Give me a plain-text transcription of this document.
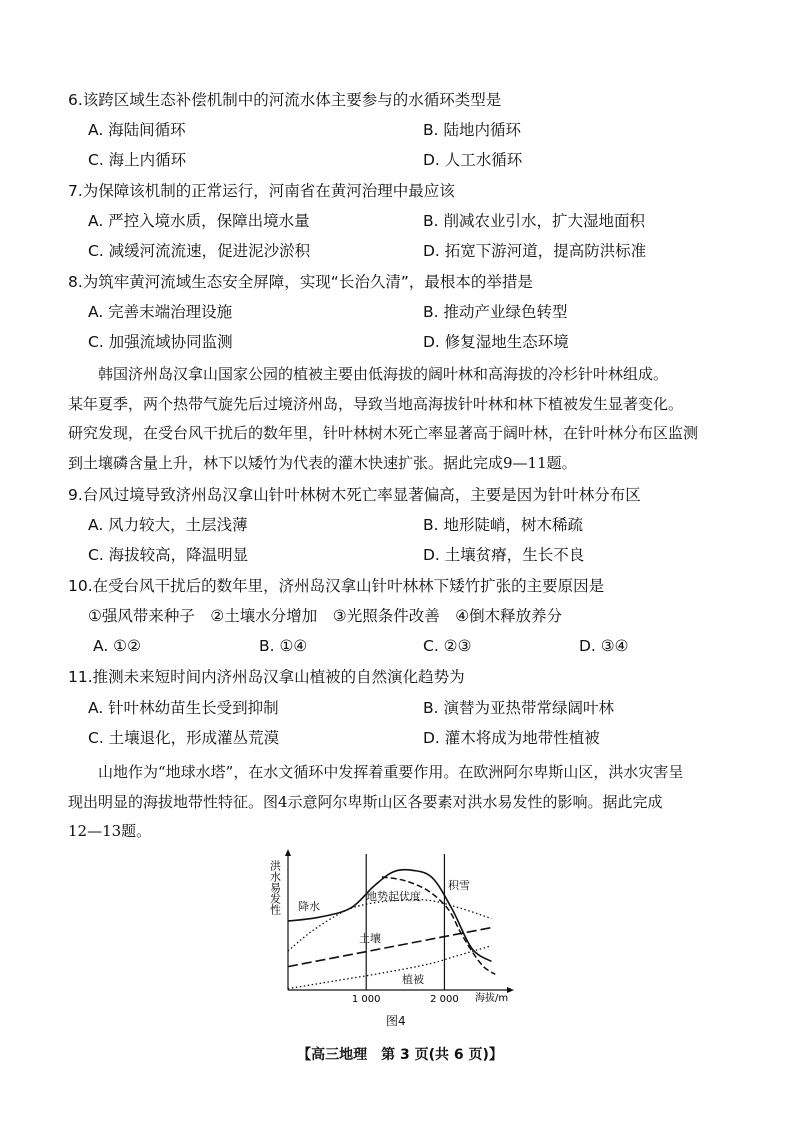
6.该跨区域生态补偿机制中的河流水体主要参与的水循环类型是
A. 海陆间循环	B. 陆地内循环
C. 海上内循环	D. 人工水循环
7.为保障该机制的正常运行，河南省在黄河治理中最应该
A. 严控入境水质，保障出境水量	B. 削减农业引水，扩大湿地面积
C. 减缓河流流速，促进泥沙淤积	D. 拓宽下游河道，提高防洪标准
8.为筑牢黄河流域生态安全屏障，实现“长治久清”，最根本的举措是
A. 完善末端治理设施	B. 推动产业绿色转型
C. 加强流域协同监测	D. 修复湿地生态环境

韩国济州岛汉拿山国家公园的植被主要由低海拔的阔叶林和高海拔的冷杉针叶林组成。

某年夏季，两个热带气旋先后过境济州岛，导致当地高海拔针叶林和林下植被发生显著变化。

研究发现，在受台风干扰后的数年里，针叶林树木死亡率显著高于阔叶林，在针叶林分布区监测

到土壤磷含量上升，林下以矮竹为代表的灌木快速扩张。据此完成9—11题。

9.台风过境导致济州岛汉拿山针叶林树木死亡率显著偏高，主要是因为针叶林分布区
A. 风力较大，土层浅薄	B. 地形陡峭，树木稀疏
C. 海拔较高，降温明显	D. 土壤贫瘠，生长不良
10.在受台风干扰后的数年里，济州岛汉拿山针叶林林下矮竹扩张的主要原因是
①强风带来种子　②土壤水分增加　③光照条件改善　④倒木释放养分
A. ①②	B. ①④	C. ②③	D. ③④
11.推测未来短时间内济州岛汉拿山植被的自然演化趋势为
A. 针叶林幼苗生长受到抑制	B. 演替为亚热带常绿阔叶林
C. 土壤退化，形成灌丛荒漠	D. 灌木将成为地带性植被

山地作为“地球水塔”，在水文循环中发挥着重要作用。在欧洲阿尔卑斯山区，洪水灾害呈

现出明显的海拔地带性特征。图4示意阿尔卑斯山区各要素对洪水易发性的影响。据此完成

12—13题。

洪水易发性
海拔/m
1 000	2 000
降水
地势起伏度
积雪
土壤
植被
图4
【高三地理　第 3 页(共 6 页)】
